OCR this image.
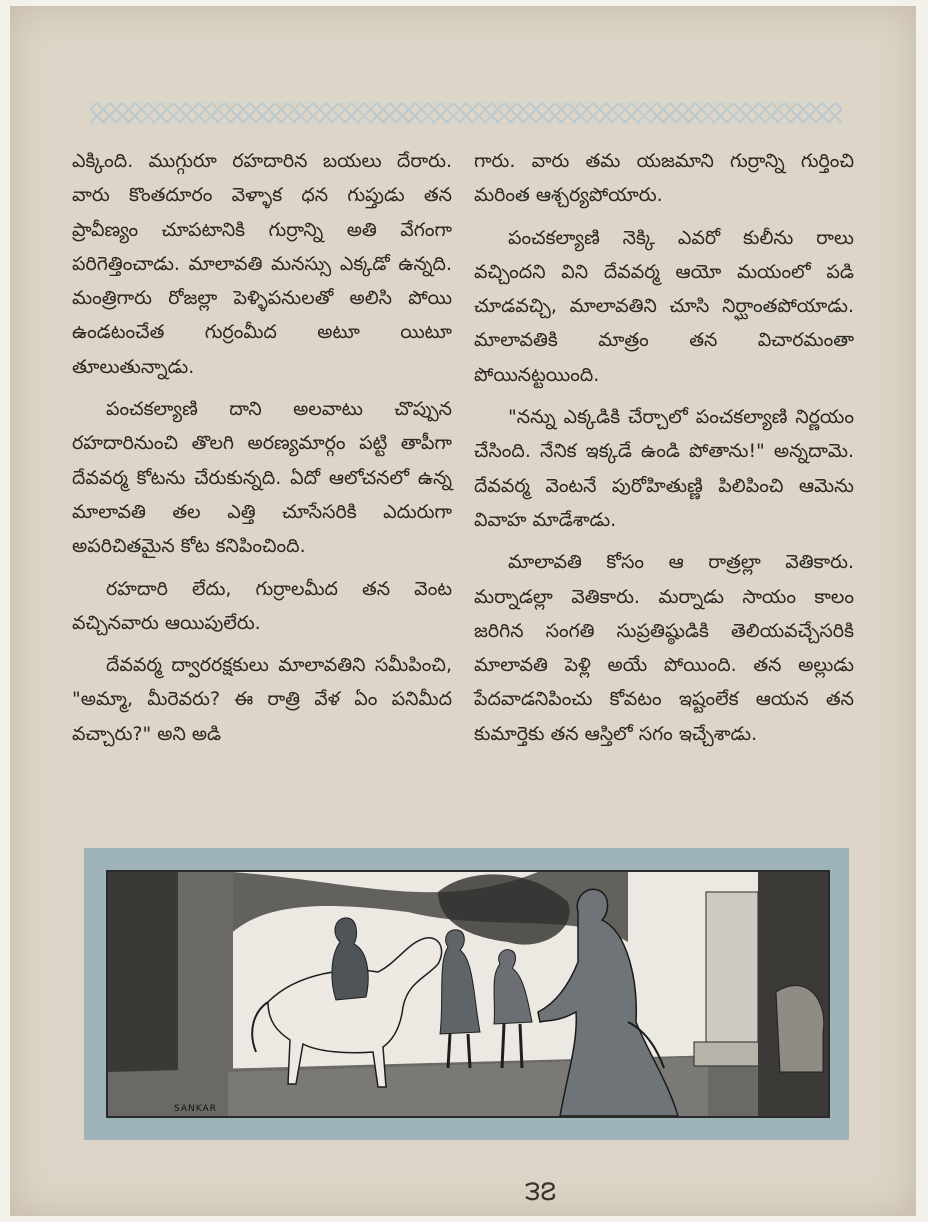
ఎక్కింది. ముగ్గురూ రహదారిన బయలు దేరారు. వారు కొంతదూరం వెళ్ళాక ధన గుప్తుడు తన ప్రావీణ్యం చూపటానికి గుర్రాన్ని అతి వేగంగా పరిగెత్తించాడు. మాలావతి మనస్సు ఎక్కడో ఉన్నది. మంత్రిగారు రోజల్లా పెళ్ళిపనులతో అలిసి పోయి ఉండటంచేత గుర్రంమీద అటూ యిటూ తూలుతున్నాడు.

పంచకల్యాణి దాని అలవాటు చొప్పున రహదారినుంచి తొలగి అరణ్యమార్గం పట్టి తాపీగా దేవవర్మ కోటను చేరుకున్నది. ఏదో ఆలోచనలో ఉన్న మాలావతి తల ఎత్తి చూసేసరికి ఎదురుగా అపరిచితమైన కోట కనిపించింది.

రహదారి లేదు, గుర్రాలమీద తన వెంట వచ్చినవారు ఆయిపులేరు.

దేవవర్మ ద్వారరక్షకులు మాలావతిని సమీపించి, "అమ్మా, మీరెవరు? ఈ రాత్రి వేళ ఏం పనిమీద వచ్చారు?" అని అడి

గారు. వారు తమ యజమాని గుర్రాన్ని గుర్తించి మరింత ఆశ్చర్యపోయారు.

పంచకల్యాణి నెక్కి ఎవరో కులీను రాలు వచ్చిందని విని దేవవర్మ ఆయో మయంలో పడి చూడవచ్చి, మాలావతిని చూసి నిర్ఘాంతపోయాడు. మాలావతికి మాత్రం తన విచారమంతా పోయినట్టయింది.

"నన్ను ఎక్కడికి చేర్చాలో పంచకల్యాణి నిర్ణయం చేసింది. నేనిక ఇక్కడే ఉండి పోతాను!" అన్నదామె. దేవవర్మ వెంటనే పురోహితుణ్ణి పిలిపించి ఆమెను వివాహ మాడేశాడు.

మాలావతి కోసం ఆ రాత్రల్లా వెతికారు. మర్నాడల్లా వెతికారు. మర్నాడు సాయం కాలం జరిగిన సంగతి సుప్రతిష్ఠుడికి తెలియవచ్చేసరికి మాలావతి పెళ్లి అయే పోయింది. తన అల్లుడు పేదవాడనిపించు కోవటం ఇష్టంలేక ఆయన తన కుమార్తెకు తన ఆస్తిలో సగం ఇచ్చేశాడు.

SANKAR
౩౭
